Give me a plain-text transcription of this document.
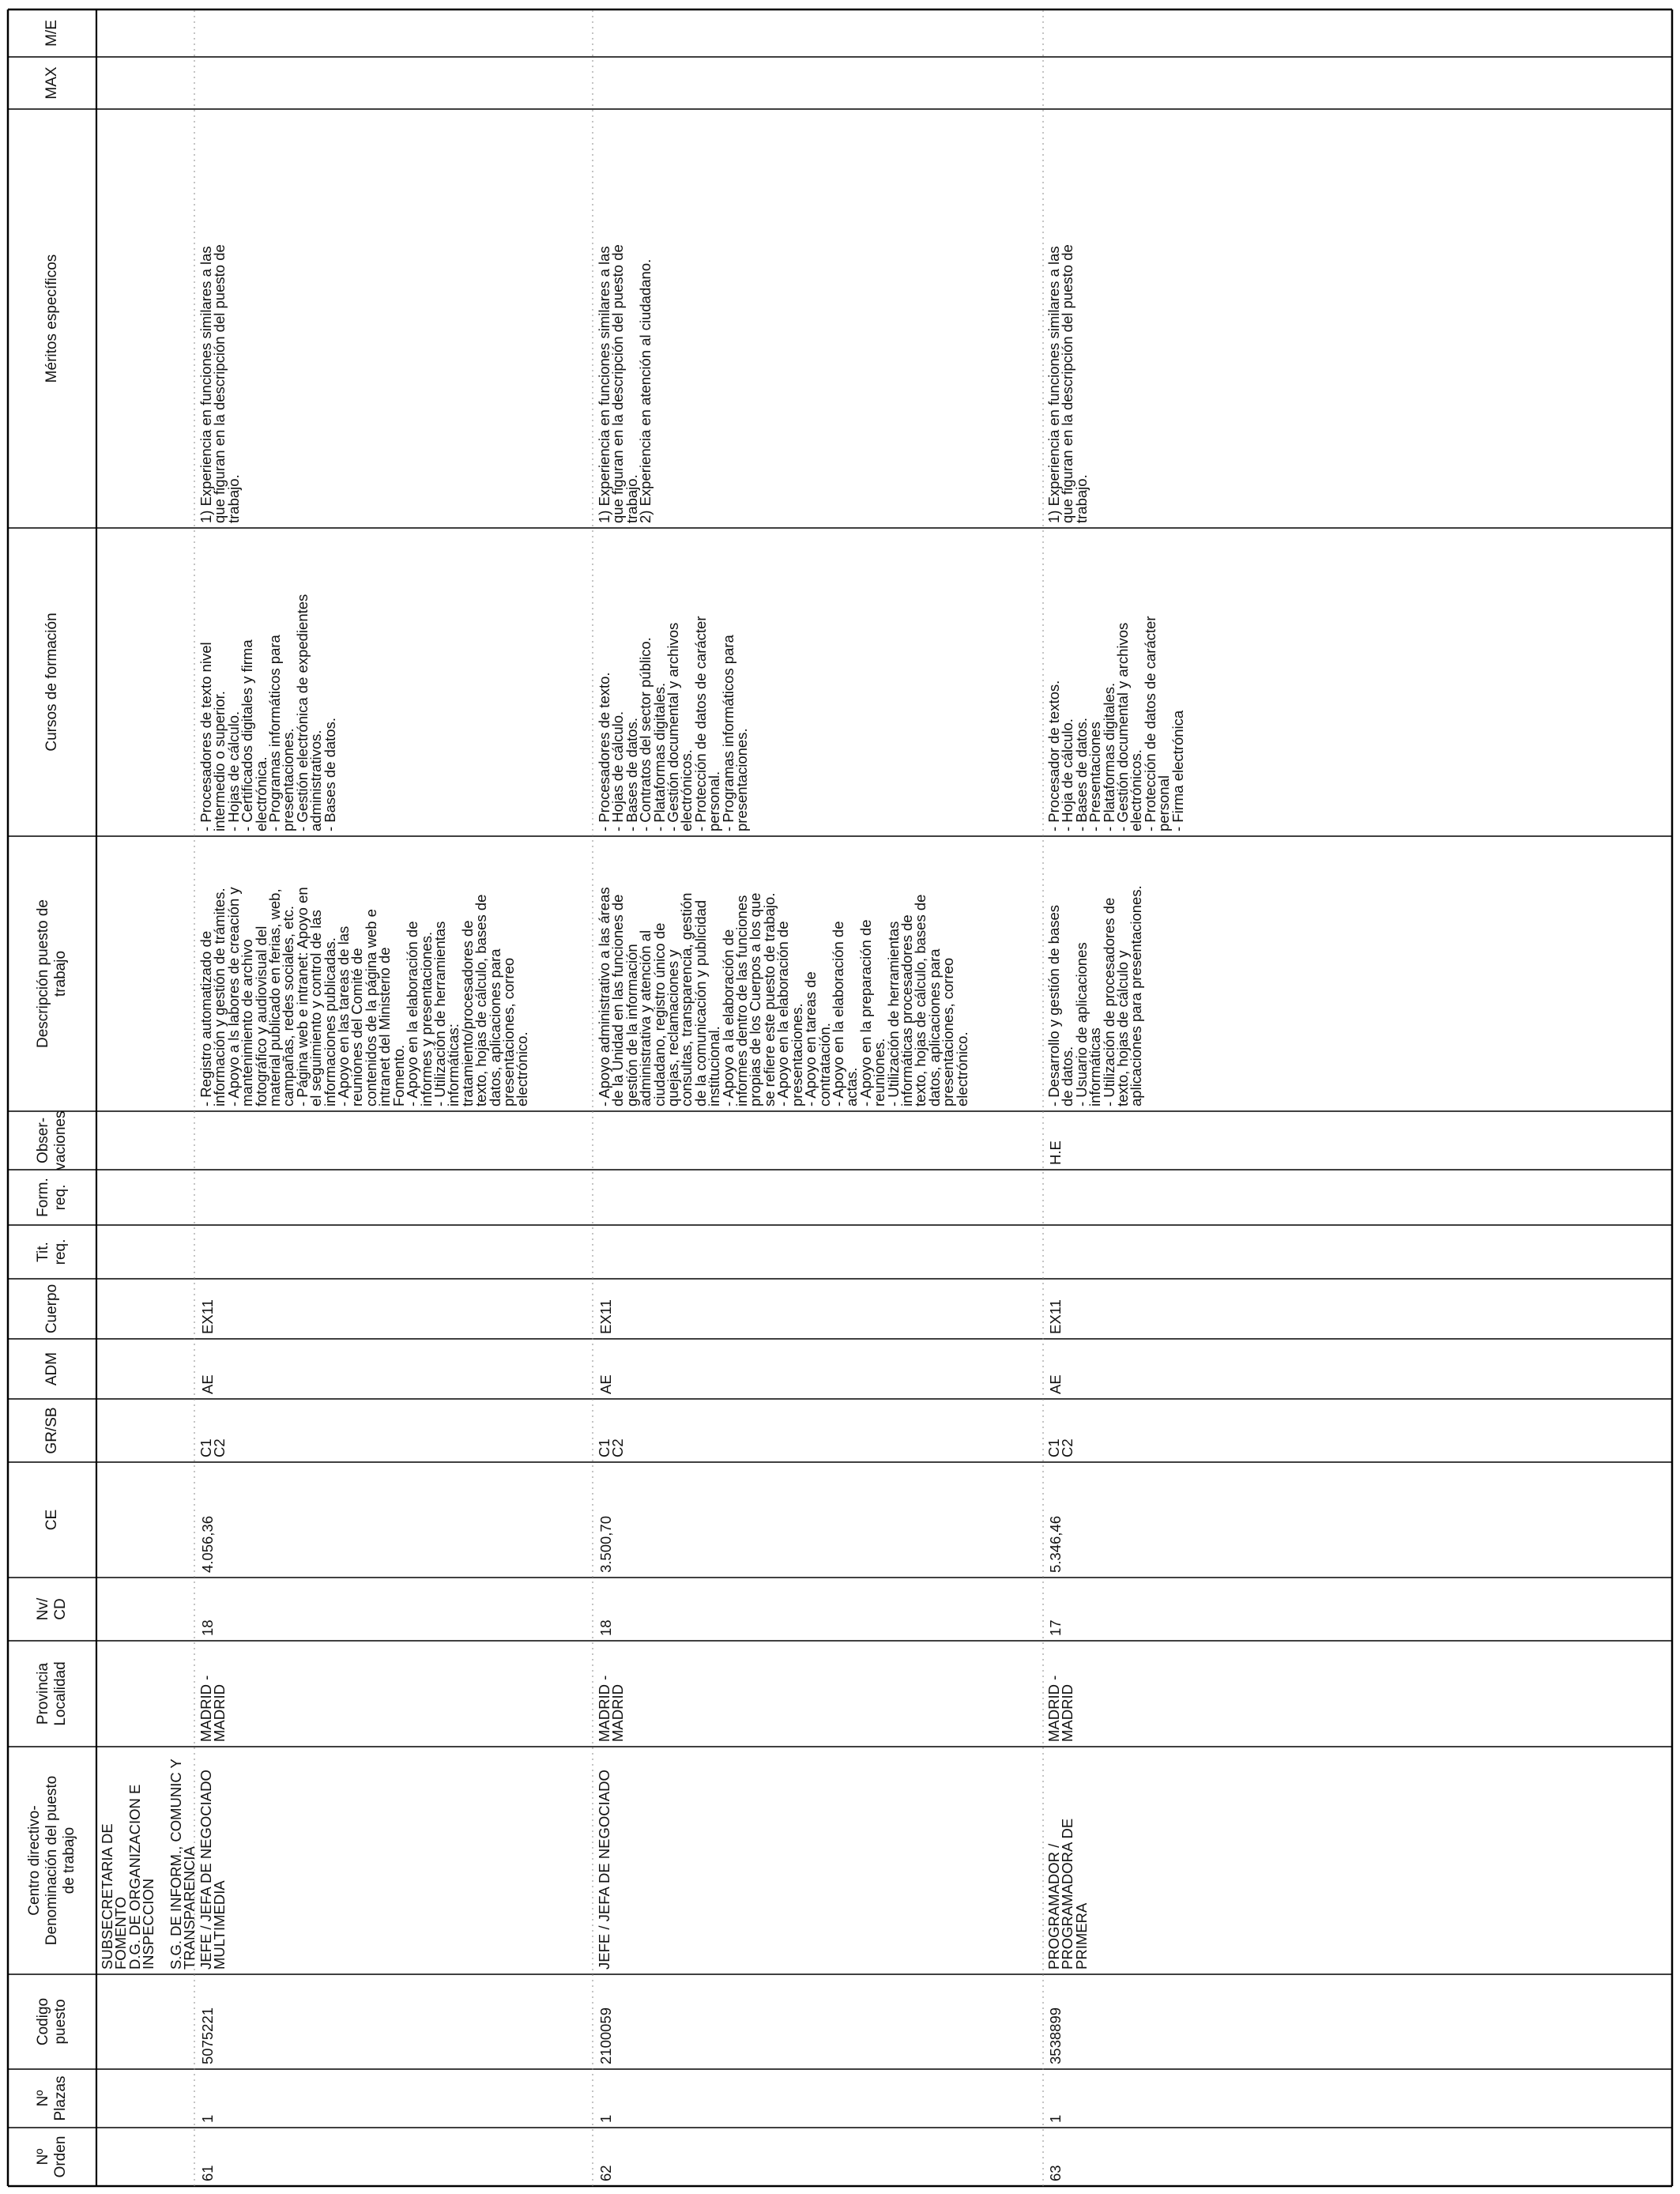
Nº
Orden
Nº
Plazas
Codigo
puesto
Centro directivo-
Denominación del puesto
de trabajo
Provincia
Localidad
Nv/
CD
CE
GR/SB
ADM
Cuerpo
Tit.
req.
Form.
req.
Obser-
vaciones
Descripción puesto de
trabajo
Cursos de formación
Méritos específicos
MAX
M/E
SUBSECRETARIA DE
FOMENTO
D.G. DE ORGANIZACION E
INSPECCION

S.G. DE INFORM., COMUNIC Y
TRANSPARENCIA
61
1
5075221
JEFE / JEFA DE NEGOCIADO
MULTIMEDIA
MADRID -
MADRID
18
4.056,36
C1
C2
AE
EX11
- Registro automatizado de
información y gestión de trámites.
- Apoyo a ls labores de creación y
mantenimiento de archivo
fotográfico y audiovisual del
material publicado en ferias, web,
campañas, redes sociales, etc.
- Página web e intranet: Apoyo en
el seguimiento y control de las
informaciones publicadas.
- Apoyo en las tareas de las
reuniones del Comité de
contenidos de la página web e
intranet del Ministerio de
Fomento.
- Apoyo en la elaboración de
informes y presentaciones.
- Utilización de herramientas
informáticas:
tratamiento/procesadores de
texto, hojas de cálculo, bases de
datos, aplicaciones para
presentaciones, correo
electrónico.
- Procesadores de texto nivel
intermedio o superior.
- Hojas de cálculo.
- Certificados digitales y firma
electrónica.
- Programas informáticos para
presentaciones.
- Gestión electrónica de expedientes
administrativos.
- Bases de datos.
1) Experiencia en funciones similares a las
que figuran en la descripción del puesto de
trabajo.
62
1
2100059
JEFE / JEFA DE NEGOCIADO
MADRID -
MADRID
18
3.500,70
C1
C2
AE
EX11
- Apoyo administrativo a las áreas
de la Unidad en las funciones de
gestión de la información
administrativa y atención al
ciudadano, registro único de
quejas, reclamaciones y
consultas, transparencia, gestión
de la comunicación y publicidad
institucional.
- Apoyo a la elaboración de
informes dentro de las funciones
propias de los Cuerpos a los que
se refiere este puesto de trabajo.
- Apoyo en la elaboración de
presentaciones.
- Apoyo en tareas de
contratación.
- Apoyo en la elaboración de
actas.
- Apoyo en la preparación de
reuniones.
- Utilización de herramientas
informáticas procesadores de
texto, hojas de cálculo, bases de
datos, aplicaciones para
presentaciones, correo
electrónico.
- Procesadores de texto.
- Hojas de cálculo.
- Bases de datos.
- Contratos del sector público.
- Plataformas digitales.
- Gestión documental y archivos
electrónicos.
- Protección de datos de carácter
personal.
- Programas informáticos para
presentaciones.
1) Experiencia en funciones similares a las
que figuran en la descripción del puesto de
trabajo.
2) Experiencia en atención al ciudadano.
63
1
3538899
PROGRAMADOR /
PROGRAMADORA DE
PRIMERA
MADRID -
MADRID
17
5.346,46
C1
C2
AE
EX11
H.E
- Desarrollo y gestión de bases
de datos.
- Usuario de aplicaciones
informáticas
- Utilización de procesadores de
texto, hojas de cálculo y
aplicaciones para presentaciones.
- Procesador de textos.
- Hoja de cálculo.
- Bases de datos.
- Presentaciones
- Plataformas digitales.
- Gestión documental y archivos
electrónicos.
- Protección de datos de carácter
personal
- Firma electrónica
1) Experiencia en funciones similares a las
que figuran en la descripción del puesto de
trabajo.
